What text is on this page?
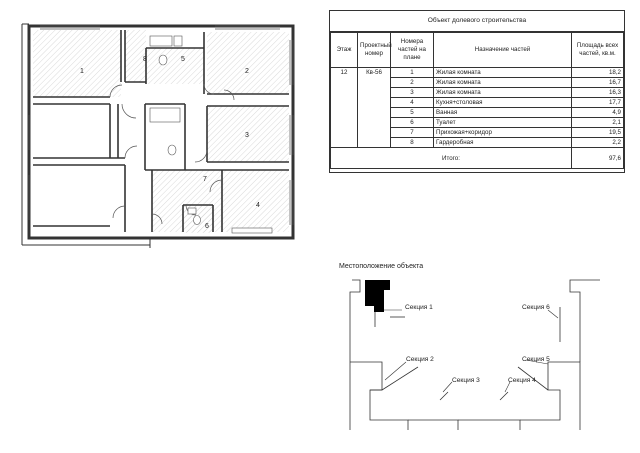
1
8	5
2
3
7
4
6
Объект долевого строительства
Этаж	Проектный номер	Номера частей на плане	Назначение частей	Площадь всех частей, кв.м.
12	Кв-56	1	Жилая комната	18,2
		2	Жилая комната	16,7
		3	Жилая комната	16,3
		4	Кухня+столовая	17,7
		5	Ванная	4,9
		6	Туалет	2,1
		7	Прихожая+коридор	19,5
		8	Гардеробная	2,2
Итого:				97,6
Местоположение объекта
Секция 1
Секция 2
Секция 3	Секция 4
Секция 5
Секция 6
